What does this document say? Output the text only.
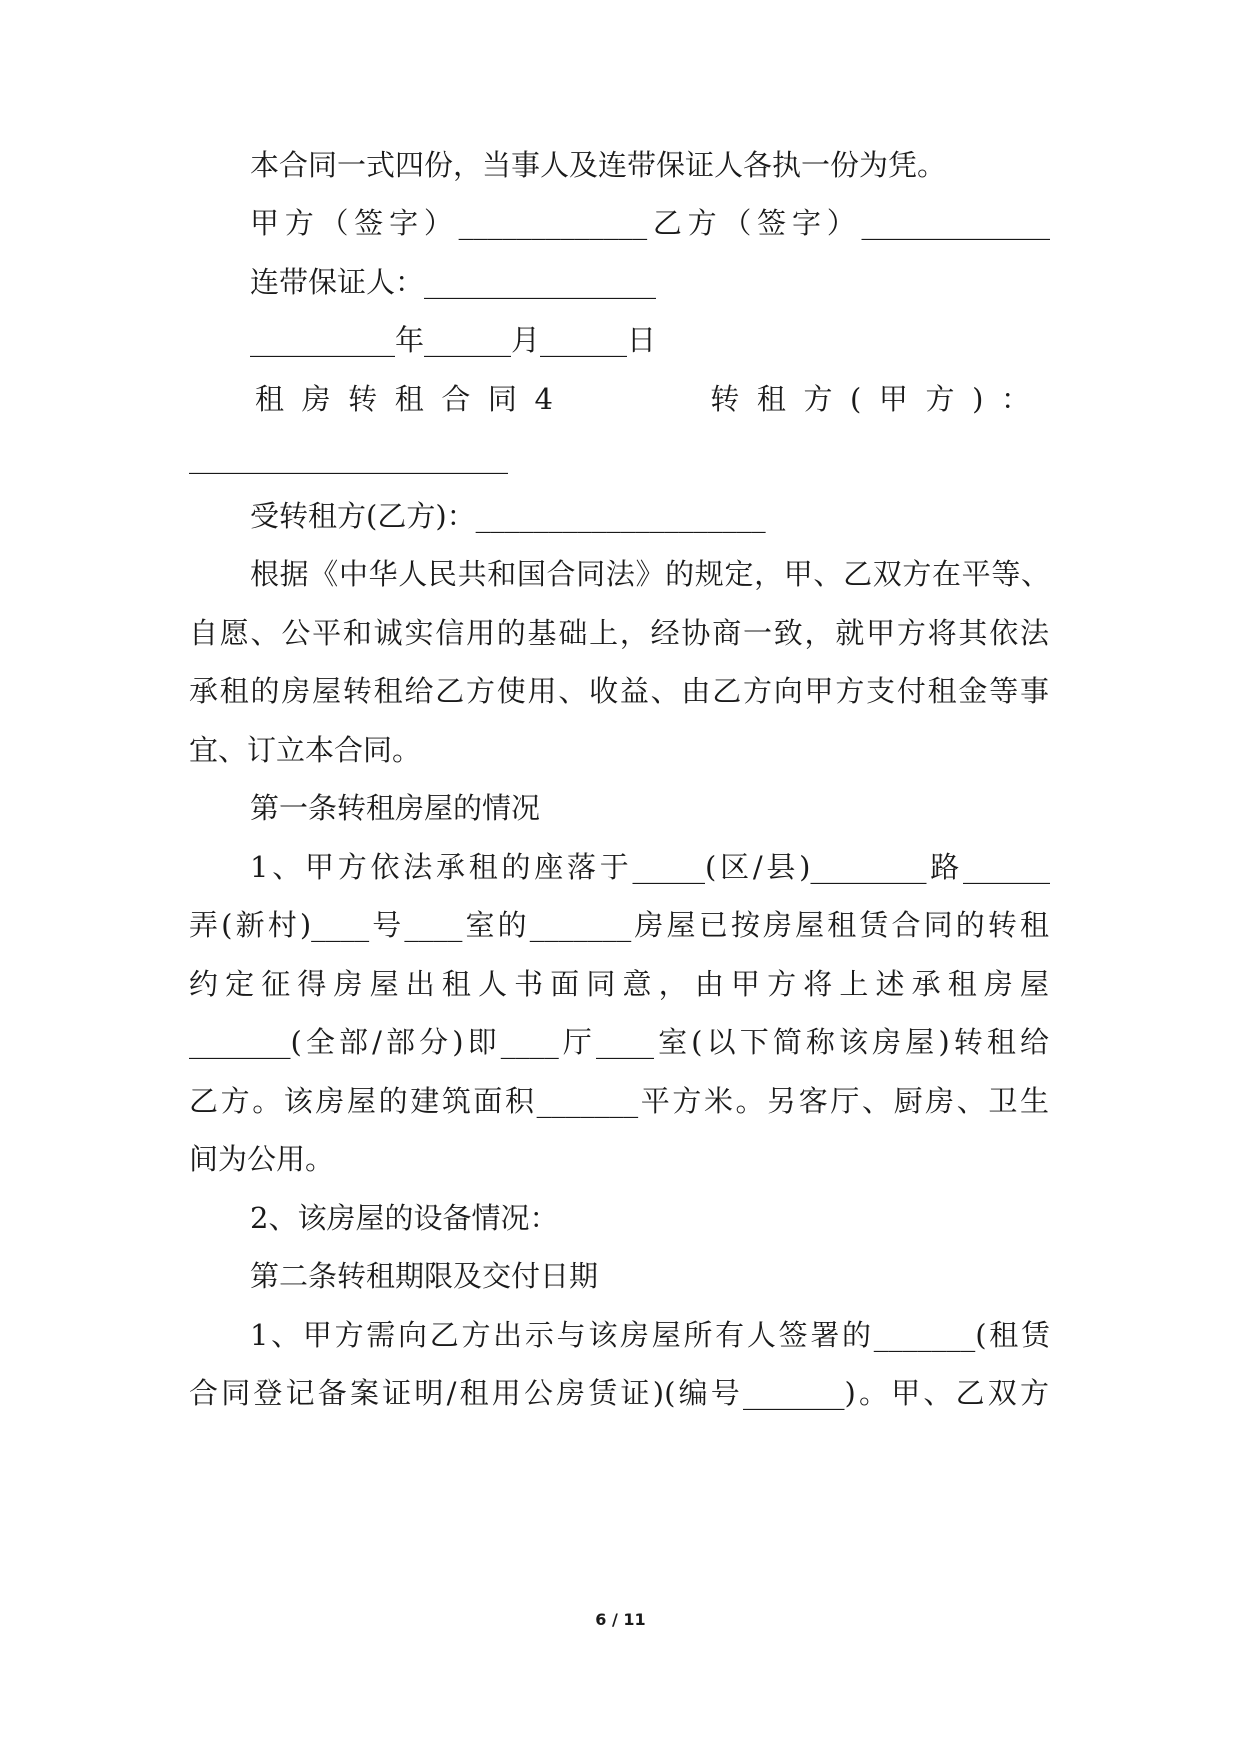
本合同一式四份，当事人及连带保证人各执一份为凭。
甲方（签字）_____________乙方（签字）_____________
连带保证人：________________
__________年______月______日
租房转租合同4　　　转租方(甲方)：
______________________
受转租方(乙方)：____________________
根据《中华人民共和国合同法》的规定，甲、乙双方在平等、
自愿、公平和诚实信用的基础上，经协商一致，就甲方将其依法
承租的房屋转租给乙方使用、收益、由乙方向甲方支付租金等事
宜、订立本合同。
第一条转租房屋的情况
1、甲方依法承租的座落于_____(区/县)________路______
弄(新村)____号____室的_______房屋已按房屋租赁合同的转租
约定征得房屋出租人书面同意，由甲方将上述承租房屋
_______(全部/部分)即____厅____室(以下简称该房屋)转租给
乙方。该房屋的建筑面积_______平方米。另客厅、厨房、卫生
间为公用。
2、该房屋的设备情况：
第二条转租期限及交付日期
1、甲方需向乙方出示与该房屋所有人签署的_______(租赁
合同登记备案证明/租用公房赁证)(编号_______)。甲、乙双方
6 / 11
